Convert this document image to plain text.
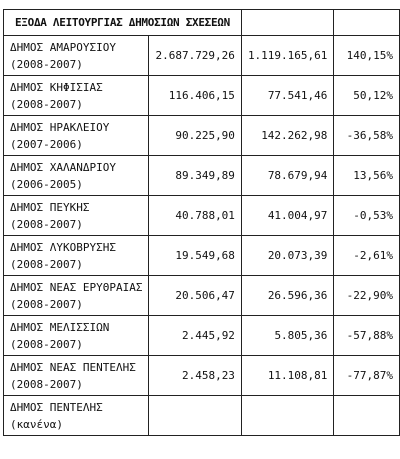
ΕΞΟΔΑ ΛΕΙΤΟΥΡΓΙΑΣ ΔΗΜΟΣΙΩΝ ΣΧΕΣΕΩΝ			

ΔΗΜΟΣ ΑΜΑΡΟΥΣΙΟΥ
(2008-2007)	2.687.729,26	1.119.165,61	140,15%

ΔΗΜΟΣ ΚΗΦΙΣΙΑΣ
(2008-2007)	116.406,15	77.541,46	50,12%

ΔΗΜΟΣ ΗΡΑΚΛΕΙΟΥ
(2007-2006)	90.225,90	142.262,98	-36,58%

ΔΗΜΟΣ ΧΑΛΑΝΔΡΙΟΥ
(2006-2005)	89.349,89	78.679,94	13,56%

ΔΗΜΟΣ ΠΕΥΚΗΣ
(2008-2007)	40.788,01	41.004,97	-0,53%

ΔΗΜΟΣ ΛΥΚΟΒΡΥΣΗΣ
(2008-2007)	19.549,68	20.073,39	-2,61%

ΔΗΜΟΣ ΝΕΑΣ ΕΡΥΘΡΑΙΑΣ
(2008-2007)	20.506,47	26.596,36	-22,90%

ΔΗΜΟΣ ΜΕΛΙΣΣΙΩΝ
(2008-2007)	2.445,92	5.805,36	-57,88%

ΔΗΜΟΣ ΝΕΑΣ ΠΕΝΤΕΛΗΣ
(2008-2007)	2.458,23	11.108,81	-77,87%

ΔΗΜΟΣ ΠΕΝΤΕΛΗΣ
(κανένα)			
